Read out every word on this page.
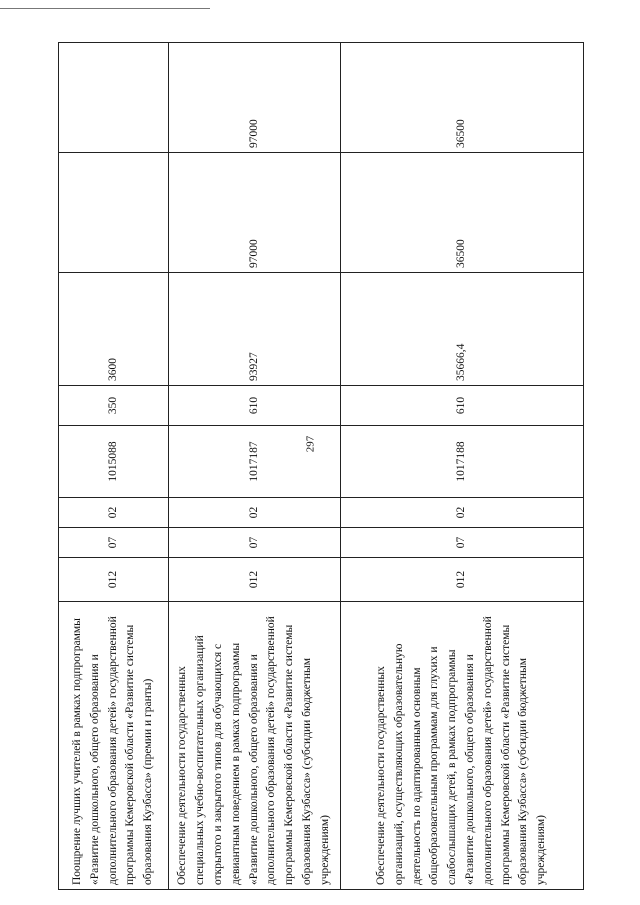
297
Поощрение лучших учителей в рамках подпрограммы «Развитие дошкольного, общего образования и дополнительного образования детей» государственной программы Кемеровской области «Развитие системы образования Кузбасса» (премии и гранты)	012	07	02	1015088	350	3600		
Обеспечение деятельности государственных специальных учебно-воспитательных организаций открытого и закрытого типов для обучающихся с девиантным поведением в рамках подпрограммы «Развитие дошкольного, общего образования и дополнительного образования детей» государственной программы Кемеровской области «Развитие системы образования Кузбасса» (субсидии бюджетным учреждениям)	012	07	02	1017187	610	93927	97000	97000
Обеспечение деятельности государственных организаций, осуществляющих образовательную деятельность по адаптированным основным общеобразовательным программам для глухих и слабослышащих детей, в рамках подпрограммы «Развитие дошкольного, общего образования и дополнительного образования детей» государственной программы Кемеровской области «Развитие системы образования Кузбасса» (субсидии бюджетным учреждениям)	012	07	02	1017188	610	35666,4	36500	36500
